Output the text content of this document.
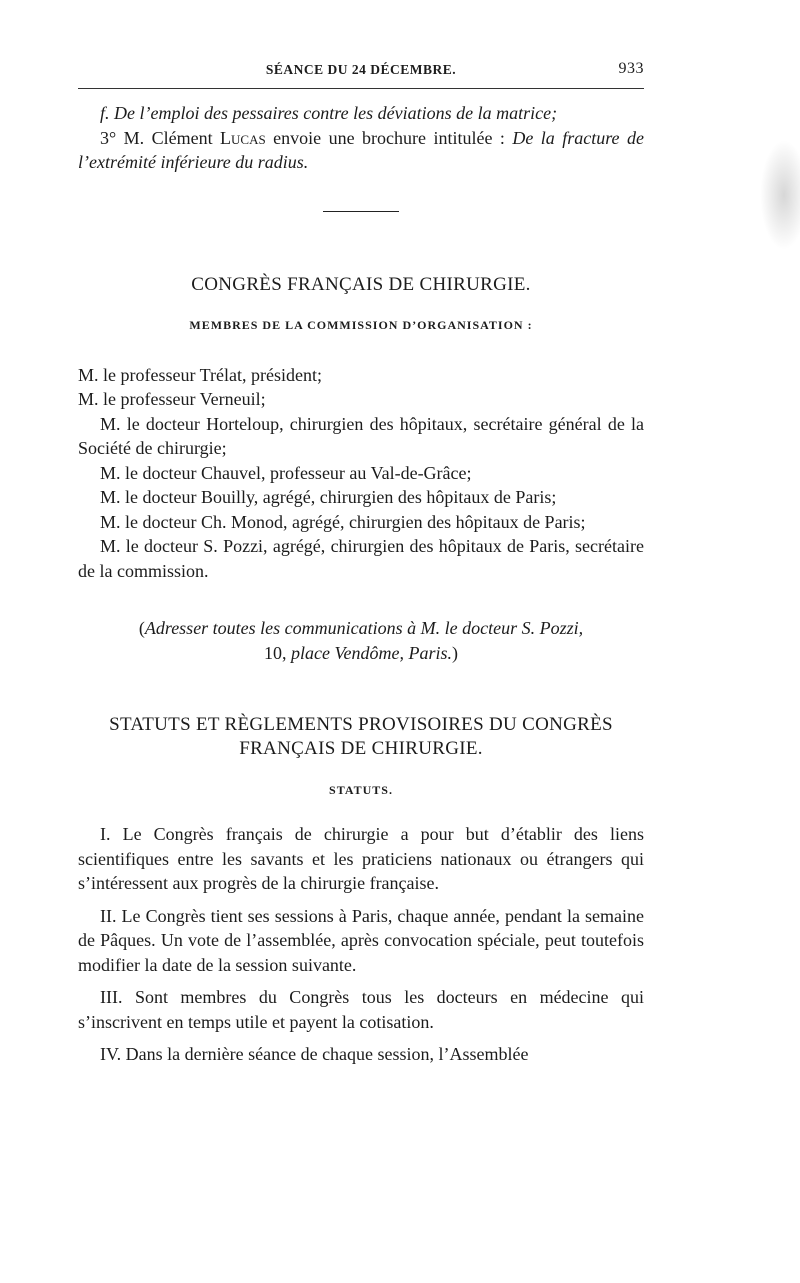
SÉANCE DU 24 DÉCEMBRE.	933

f. De l’emploi des pessaires contre les déviations de la matrice;

3° M. Clément Lucas envoie une brochure intitulée : De la fracture de l’extrémité inférieure du radius.

CONGRÈS FRANÇAIS DE CHIRURGIE.
MEMBRES DE LA COMMISSION D’ORGANISATION :

M. le professeur Trélat, président;

M. le professeur Verneuil;

M. le docteur Horteloup, chirurgien des hôpitaux, secrétaire général de la Société de chirurgie;

M. le docteur Chauvel, professeur au Val-de-Grâce;

M. le docteur Bouilly, agrégé, chirurgien des hôpitaux de Paris;

M. le docteur Ch. Monod, agrégé, chirurgien des hôpitaux de Paris;

M. le docteur S. Pozzi, agrégé, chirurgien des hôpitaux de Paris, secrétaire de la commission.

(Adresser toutes les communications à M. le docteur S. Pozzi,
10, place Vendôme, Paris.)
STATUTS ET RÈGLEMENTS PROVISOIRES DU CONGRÈS FRANÇAIS DE CHIRURGIE.
STATUTS.

I. Le Congrès français de chirurgie a pour but d’établir des liens scientifiques entre les savants et les praticiens nationaux ou étrangers qui s’intéressent aux progrès de la chirurgie française.

II. Le Congrès tient ses sessions à Paris, chaque année, pendant la semaine de Pâques. Un vote de l’assemblée, après convocation spéciale, peut toutefois modifier la date de la session suivante.

III. Sont membres du Congrès tous les docteurs en médecine qui s’inscrivent en temps utile et payent la cotisation.

IV. Dans la dernière séance de chaque session, l’Assemblée
